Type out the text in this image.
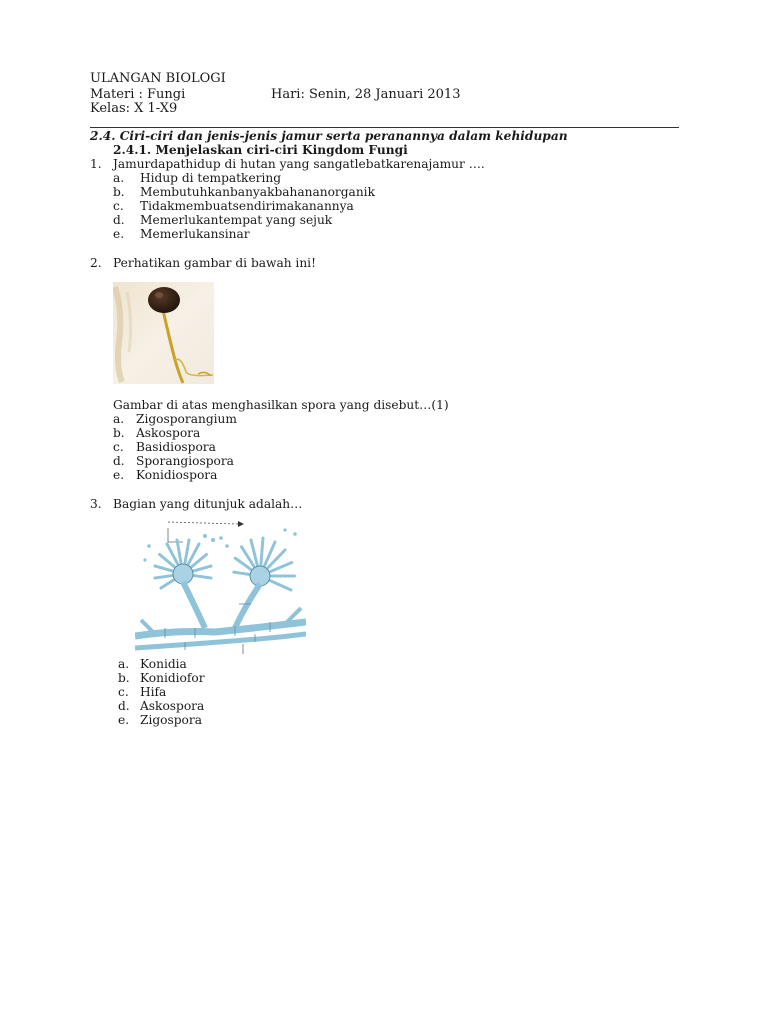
ULANGAN BIOLOGI
Materi : Fungi	Hari: Senin, 28 Januari 2013
Kelas: X 1-X9
2.4. Ciri-ciri dan jenis-jenis jamur serta peranannya dalam kehidupan
2.4.1. Menjelaskan ciri-ciri Kingdom Fungi
1. Jamurdapathidup di hutan yang sangatlebatkarenajamur ….
a. Hidup di tempatkering
b. Membutuhkanbanyakbahananorganik
c. Tidakmembuatsendirimakanannya
d. Memerlukantempat yang sejuk
e. Memerlukansinar
2. Perhatikan gambar di bawah ini!
Gambar di atas menghasilkan spora yang disebut…(1)
a. Zigosporangium
b. Askospora
c. Basidiospora
d. Sporangiospora
e. Konidiospora
3. Bagian yang ditunjuk adalah…
a. Konidia
b. Konidiofor
c. Hifa
d. Askospora
e. Zigospora
